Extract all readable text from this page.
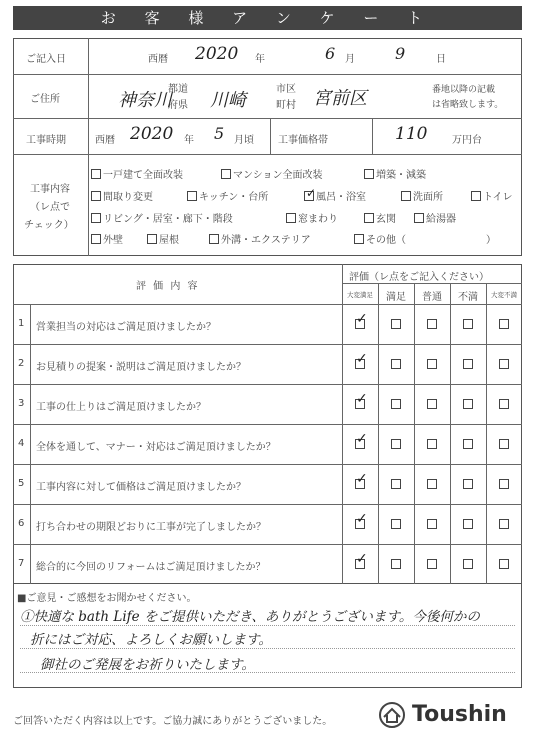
お 客 様 ア ン ケ ー ト
ご記入日	西暦 2020 年	6 月	9	日
ご住所	神奈川
都道
府県 川崎
市区
町村 宮前区	番地以降の記載
は省略致します。
工事時期	西暦 2020 年 5 月頃 工事価格帯	110 万円台
工事内容
（レ点で
チェック）
一戸建て全面改装	マンション全面改装	増築・減築
間取り変更	キッチン・台所
✓	風呂・浴室	洗面所	トイレ
リビング・居室・廊下・階段	窓まわり	玄関	給湯器
外壁	屋根	外溝・エクステリア	その他（　　　　　　　　）
評 価 内 容
評価（レ点をご記入ください）
大変満足	満足	普通	不満	大変不満
1 営業担当の対応はご満足頂けましたか？
✓
2 お見積りの提案・説明はご満足頂けましたか？
✓
3 工事の仕上りはご満足頂けましたか？
✓
4 全体を通して、マナー・対応はご満足頂けましたか？
✓
5 工事内容に対して価格はご満足頂けましたか？
✓
6 打ち合わせの期限どおりに工事が完了しましたか？
✓
7 総合的に今回のリフォームはご満足頂けましたか？
✓
■ご意見・ご感想をお聞かせください。
①快適な bath Life をご提供いただき、ありがとうございます。今後何かの
折にはご対応、よろしくお願いします。
御社のご発展をお祈りいたします。
ご回答いただく内容は以上です。ご協力誠にありがとうございました。	Toushin
